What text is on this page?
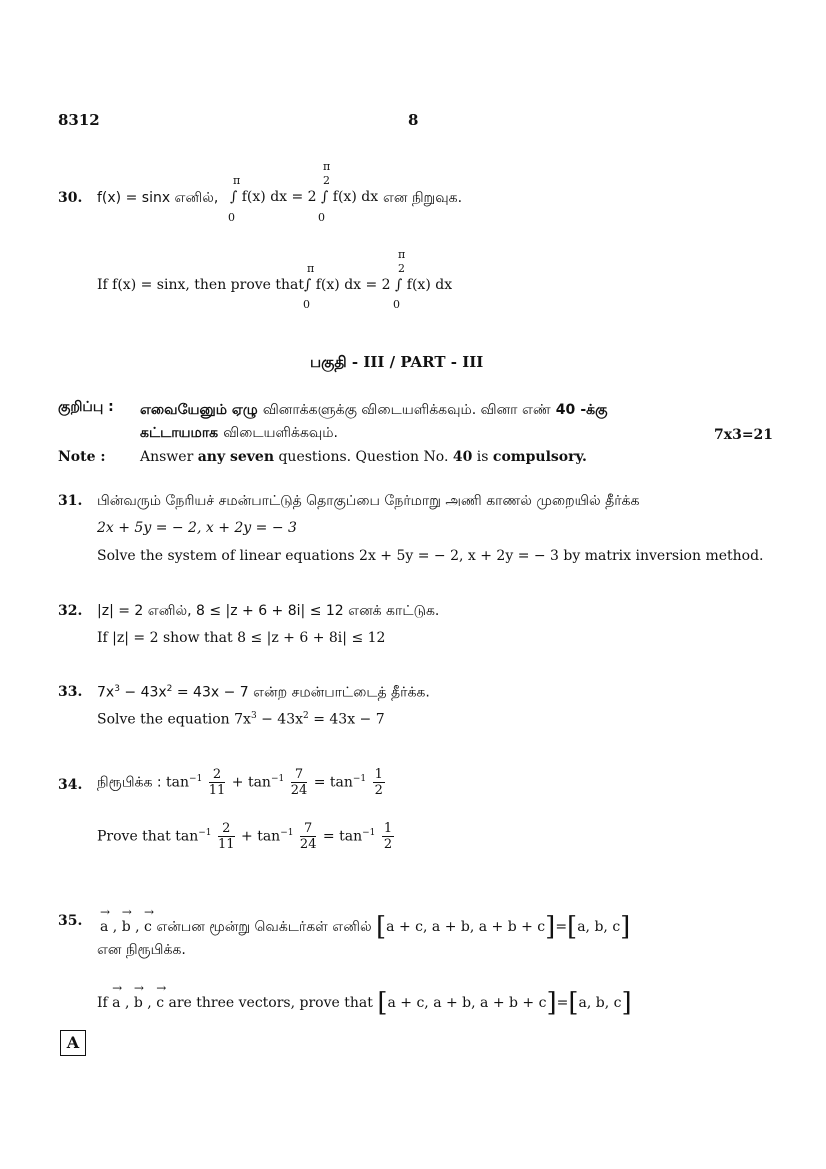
8312	8
30. f(x) = sinx எனில்,
π
0
π
2
0
∫ f(x) dx = 2 ∫ f(x) dx என நிறுவுக.
If f(x) = sinx, then prove that
π
0
π
2
0
∫ f(x) dx = 2 ∫ f(x) dx
பகுதி - III / PART - III
குறிப்பு : எவையேனும் ஏழு வினாக்களுக்கு விடையளிக்கவும். வினா எண் 40 -க்கு
கட்டாயமாக விடையளிக்கவும்.	7x3=21
Note : Answer any seven questions. Question No. 40 is compulsory.
31. பின்வரும் நேரியச் சமன்பாட்டுத் தொகுப்பை நேர்மாறு அணி காணல் முறையில் தீர்க்க
2x + 5y = − 2, x + 2y = − 3
Solve the system of linear equations 2x + 5y = − 2, x + 2y = − 3 by matrix inversion method.
32. |z| = 2 எனில், 8 ≤ |z + 6 + 8i| ≤ 12 எனக் காட்டுக.
If |z| = 2 show that 8 ≤ |z + 6 + 8i| ≤ 12
33. $7x^3 - 43x^2 = 43x - 7$ என்ற சமன்பாட்டைத் தீர்க்க.
Solve the equation $7x^3 - 43x^2 = 43x - 7$
34. நிரூபிக்க : $\tan^{-1} \frac{2}{11} + \tan^{-1} \frac{7}{24} = \tan^{-1} \frac{1}{2}$
Prove that $\tan^{-1} \frac{2}{11} + \tan^{-1} \frac{7}{24} = \tan^{-1} \frac{1}{2}$
35. → a , → b , → c என்பன மூன்று வெக்டர்கள் எனில் [a + c, a + b, a + b + c]=[a, b, c]
என நிரூபிக்க.
If → a , → b , → c are three vectors, prove that [a + c, a + b, a + b + c]=[a, b, c]
A
